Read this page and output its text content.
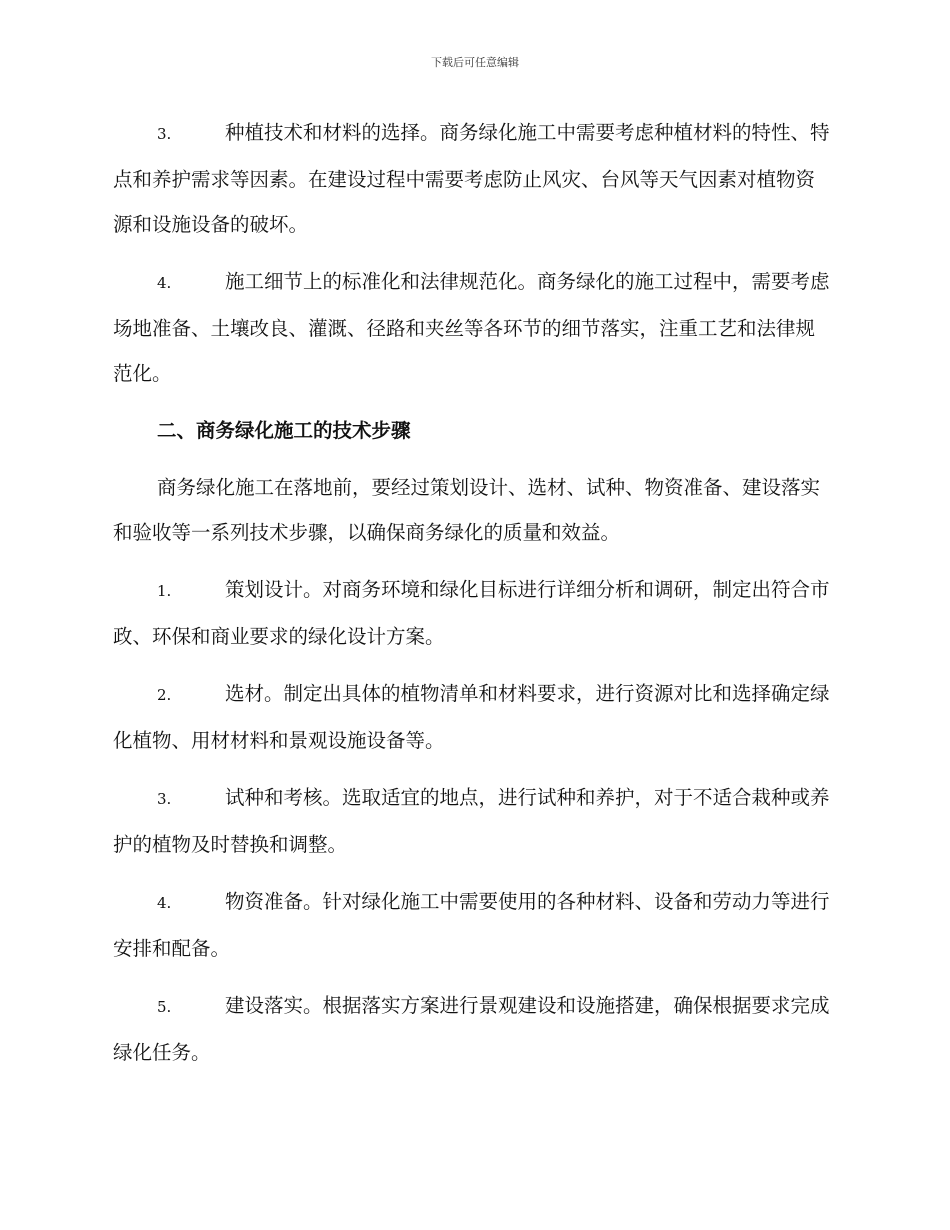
下载后可任意编辑
3.	种植技术和材料的选择。商务绿化施工中需要考虑种植材料的特性、特点和养护需求等因素。在建设过程中需要考虑防止风灾、台风等天气因素对植物资源和设施设备的破坏。
4.	施工细节上的标准化和法律规范化。商务绿化的施工过程中，需要考虑场地准备、土壤改良、灌溉、径路和夹丝等各环节的细节落实，注重工艺和法律规范化。
二、商务绿化施工的技术步骤
商务绿化施工在落地前，要经过策划设计、选材、试种、物资准备、建设落实和验收等一系列技术步骤，以确保商务绿化的质量和效益。
1.	策划设计。对商务环境和绿化目标进行详细分析和调研，制定出符合市政、环保和商业要求的绿化设计方案。
2.	选材。制定出具体的植物清单和材料要求，进行资源对比和选择确定绿化植物、用材材料和景观设施设备等。
3.	试种和考核。选取适宜的地点，进行试种和养护，对于不适合栽种或养护的植物及时替换和调整。
4.	物资准备。针对绿化施工中需要使用的各种材料、设备和劳动力等进行安排和配备。
5.	建设落实。根据落实方案进行景观建设和设施搭建，确保根据要求完成绿化任务。
